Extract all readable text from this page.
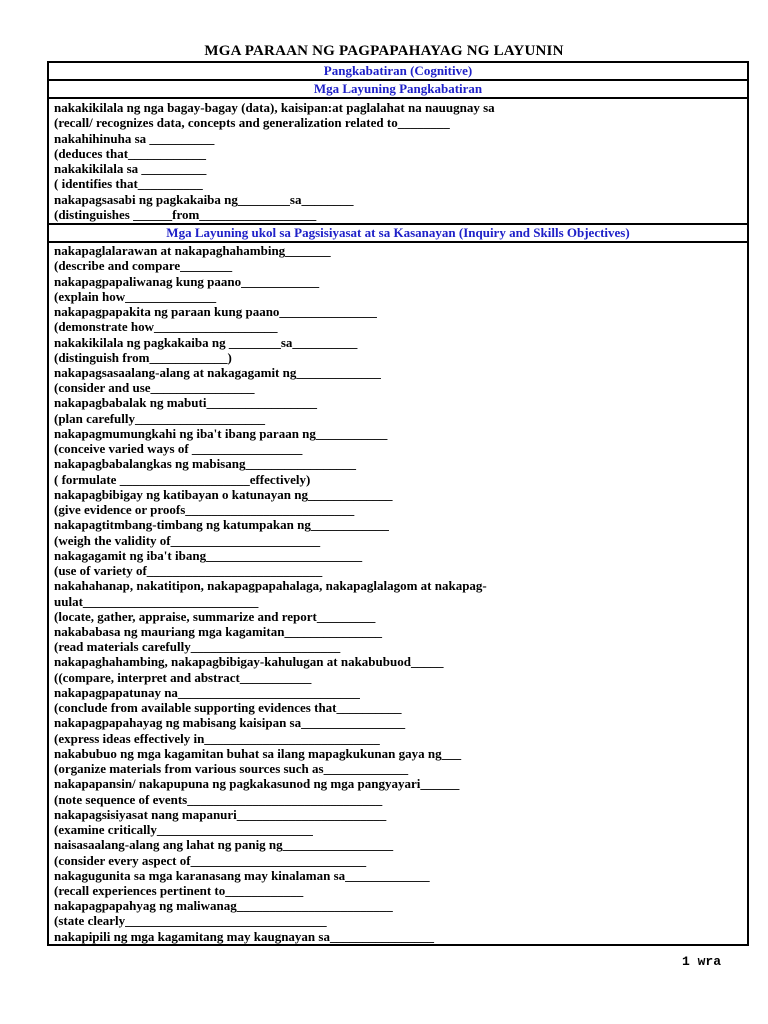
MGA PARAAN NG PAGPAPAHAYAG NG LAYUNIN
Pangkabatiran (Cognitive)
Mga Layuning Pangkabatiran
nakakikilala ng nga bagay-bagay (data), kaisipan:at paglalahat na nauugnay sa
(recall/ recognizes data, concepts and generalization related to________
nakahihinuha sa __________
(deduces that____________
nakakikilala sa __________
( identifies that__________
nakapagsasabi ng pagkakaiba ng________sa________
(distinguishes ______from__________________
Mga Layuning ukol sa Pagsisiyasat at sa Kasanayan (Inquiry and Skills Objectives)
nakapaglalarawan at nakapaghahambing_______
(describe and compare________
nakapagpapaliwanag kung paano____________
(explain how______________
nakapagpapakita ng paraan kung paano_______________
(demonstrate how___________________
nakakikilala ng pagkakaiba ng ________sa__________
(distinguish from____________)
nakapagsasaalang-alang at nakagagamit ng_____________
(consider and use________________
nakapagbabalak ng mabuti_________________
(plan carefully____________________
nakapagmumungkahi ng iba't ibang paraan ng___________
(conceive varied ways of _________________
nakapagbabalangkas ng mabisang_________________
( formulate ____________________effectively)
nakapagbibigay ng katibayan o katunayan ng_____________
(give evidence or proofs__________________________
nakapagtitmbang-timbang ng katumpakan ng____________
(weigh the validity of_______________________
nakagagamit ng iba't ibang________________________
(use of variety of___________________________
nakahahanap, nakatitipon, nakapagpapahalaga, nakapaglalagom at nakapag-
uulat___________________________
(locate, gather, appraise, summarize and report_________
nakababasa ng mauriang mga kagamitan_______________
(read materials carefully_______________________
nakapaghahambing, nakapagbibigay-kahulugan at nakabubuod_____
((compare, interpret and abstract___________
nakapagpapatunay na____________________________
(conclude from available supporting evidences that__________
nakapagpapahayag ng mabisang kaisipan sa________________
(express ideas effectively in___________________________
nakabubuo ng mga kagamitan buhat sa ilang mapagkukunan gaya ng___
(organize materials from various sources such as_____________
nakapapansin/ nakapupuna ng pagkakasunod ng mga pangyayari______
(note sequence of events______________________________
nakapagsisiyasat nang mapanuri_______________________
(examine critically________________________
naisasaalang-alang ang lahat ng panig ng_________________
(consider every aspect of___________________________
nakagugunita sa mga karanasang may kinalaman sa_____________
(recall experiences pertinent to____________
nakapagpapahyag ng maliwanag________________________
(state clearly_______________________________
nakapipili ng mga kagamitang may kaugnayan sa________________
1 wra
